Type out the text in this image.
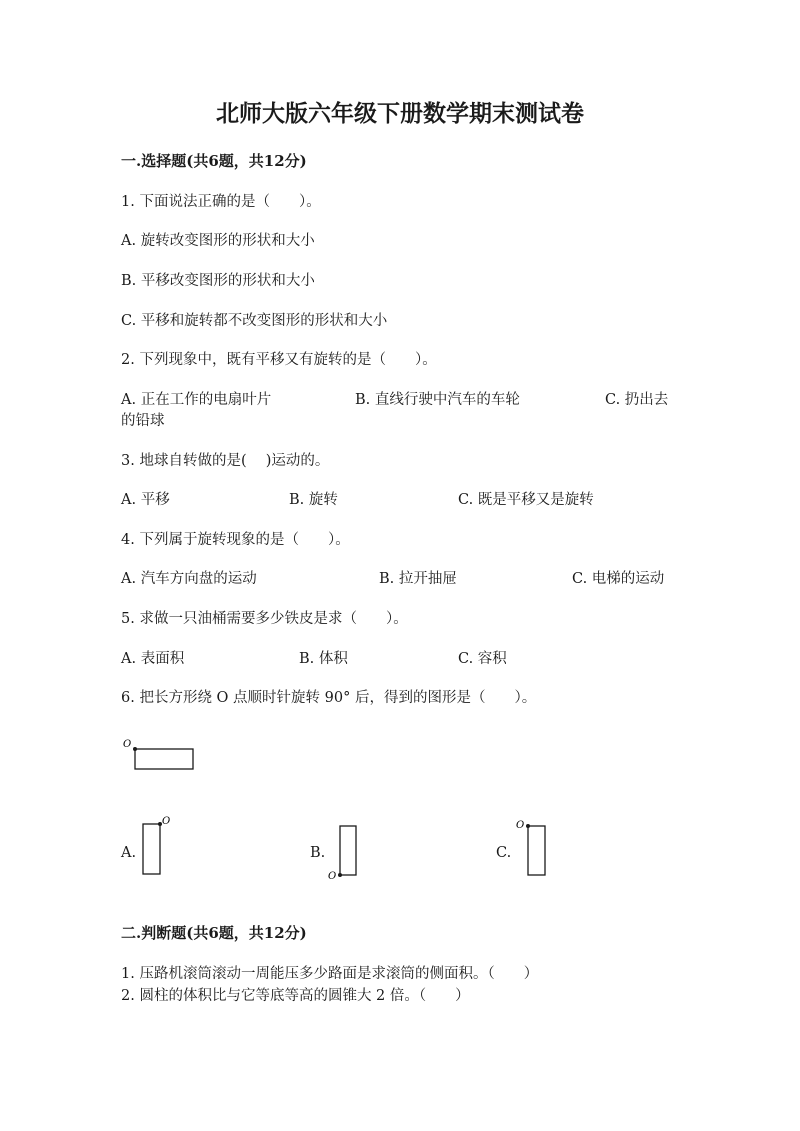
北师大版六年级下册数学期末测试卷
一.选择题(共6题，共12分)
1. 下面说法正确的是（　　）。
A. 旋转改变图形的形状和大小
B. 平移改变图形的形状和大小
C. 平移和旋转都不改变图形的形状和大小
2. 下列现象中，既有平移又有旋转的是（　　）。
A. 正在工作的电扇叶片	B. 直线行驶中汽车的车轮	C. 扔出去
的铅球
3. 地球自转做的是(　 )运动的。
A. 平移	B. 旋转	C. 既是平移又是旋转
4. 下列属于旋转现象的是（　　）。
A. 汽车方向盘的运动	B. 拉开抽屉	C. 电梯的运动
5. 求做一只油桶需要多少铁皮是求（　　）。
A. 表面积	B. 体积	C. 容积
6. 把长方形绕 O 点顺时针旋转 90° 后，得到的图形是（　　）。
O
A.
O
B.
O
C.
O
二.判断题(共6题，共12分)
1. 压路机滚筒滚动一周能压多少路面是求滚筒的侧面积。（　　）
2. 圆柱的体积比与它等底等高的圆锥大 2 倍。（　　）
